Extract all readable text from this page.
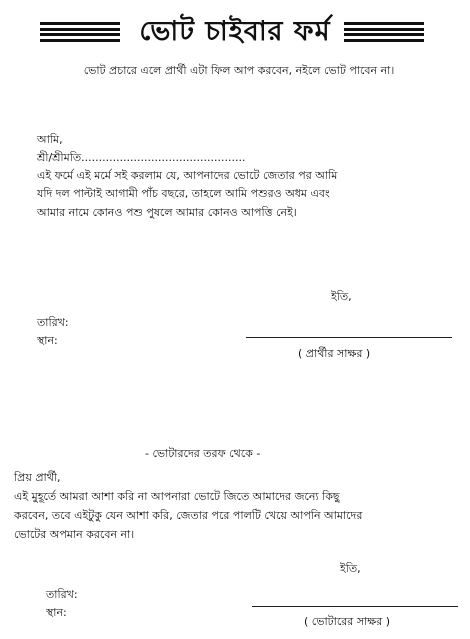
ভোট চাইবার ফর্ম
ভোট প্রচারে এলে প্রার্থী এটা ফিল আপ করবেন, নইলে ভোট পাবেন না।
আমি,
শ্রী/শ্রীমতি...............................................
এই ফর্মে এই মর্মে সই করলাম যে, আপনাদের ভোটে জেতার পর আমি
যদি দল পাল্টাই আগামী পাঁচ বছরে, তাহলে আমি পশুরও অধম এবং
আমার নামে কোনও পশু পুষলে আমার কোনও আপত্তি নেই।
ইতি,
তারিখ:
স্থান:
( প্রার্থীর সাক্ষর )
- ভোটারদের তরফ থেকে -
প্রিয় প্রার্থী,
এই মুহূর্তে আমরা আশা করি না আপনারা ভোটে জিতে আমাদের জন্যে কিছু
করবেন, তবে এইটুকু যেন আশা করি, জেতার পরে পালটি খেয়ে আপনি আমাদের
ভোটের অপমান করবেন না।
ইতি,
তারিখ:
স্থান:
( ভোটারের সাক্ষর )
